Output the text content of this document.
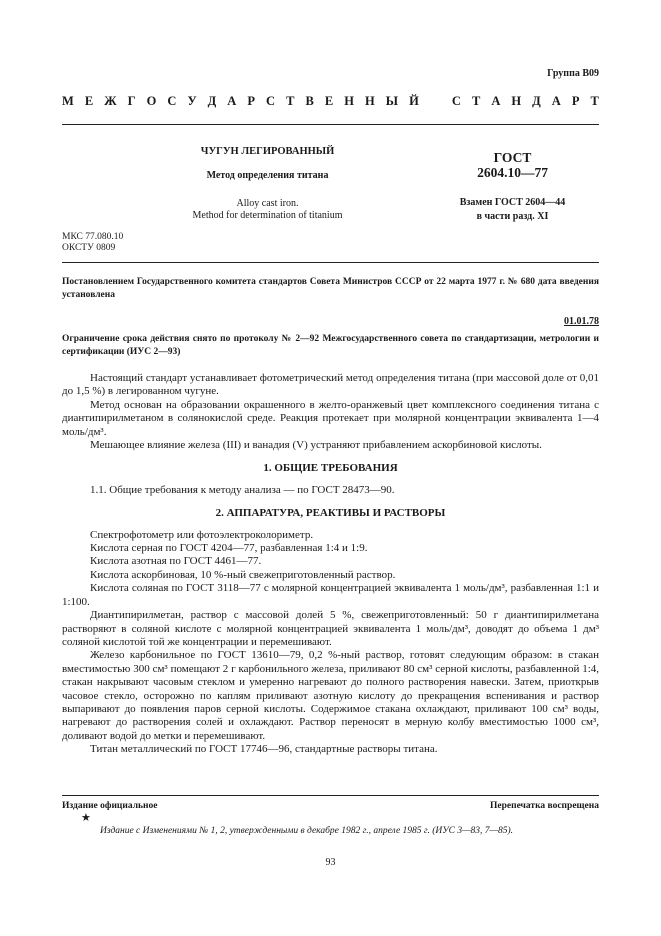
Группа В09
М Е Ж Г О С У Д А Р С Т В Е Н Н Ы Й	С Т А Н Д А Р Т
ЧУГУН ЛЕГИРОВАННЫЙ
Метод определения титана
Alloy cast iron.
Method for determination of titanium
ГОСТ
2604.10—77
Взамен ГОСТ 2604—44
в части разд. XI
МКС 77.080.10
ОКСТУ 0809
Постановлением Государственного комитета стандартов Совета Министров СССР от 22 марта 1977 г. № 680 дата введения установлена
01.01.78
Ограничение срока действия снято по протоколу № 2—92 Межгосударственного совета по стандартизации, метрологии и сертификации (ИУС 2—93)

Настоящий стандарт устанавливает фотометрический метод определения титана (при массовой доле от 0,01 до 1,5 %) в легированном чугуне.

Метод основан на образовании окрашенного в желто-оранжевый цвет комплексного соединения титана с диантипирилметаном в солянокислой среде. Реакция протекает при молярной концентрации эквивалента 1—4 моль/дм³.

Мешающее влияние железа (III) и ванадия (V) устраняют прибавлением аскорбиновой кислоты.

1. ОБЩИЕ ТРЕБОВАНИЯ

1.1. Общие требования к методу анализа — по ГОСТ 28473—90.

2. АППАРАТУРА, РЕАКТИВЫ И РАСТВОРЫ

Спектрофотометр или фотоэлектроколориметр.

Кислота серная по ГОСТ 4204—77, разбавленная 1:4 и 1:9.

Кислота азотная по ГОСТ 4461—77.

Кислота аскорбиновая, 10 %-ный свежеприготовленный раствор.

Кислота соляная по ГОСТ 3118—77 с молярной концентрацией эквивалента 1 моль/дм³, разбавленная 1:1 и 1:100.

Диантипирилметан, раствор с массовой долей 5 %, свежеприготовленный: 50 г диантипирилметана растворяют в соляной кислоте с молярной концентрацией эквивалента 1 моль/дм³, доводят до объема 1 дм³ соляной кислотой той же концентрации и перемешивают.

Железо карбонильное по ГОСТ 13610—79, 0,2 %-ный раствор, готовят следующим образом: в стакан вместимостью 300 см³ помещают 2 г карбонильного железа, приливают 80 см³ серной кислоты, разбавленной 1:4, стакан накрывают часовым стеклом и умеренно нагревают до полного растворения навески. Затем, приоткрыв часовое стекло, осторожно по каплям приливают азотную кислоту до прекращения вспенивания и раствор выпаривают до появления паров серной кислоты. Содержимое стакана охлаждают, приливают 100 см³ воды, нагревают до растворения солей и охлаждают. Раствор переносят в мерную колбу вместимостью 1000 см³, доливают водой до метки и перемешивают.

Титан металлический по ГОСТ 17746—96, стандартные растворы титана.

Издание официальное	Перепечатка воспрещена
★
Издание с Изменениями № 1, 2, утвержденными в декабре 1982 г., апреле 1985 г. (ИУС 3—83, 7—85).
93
